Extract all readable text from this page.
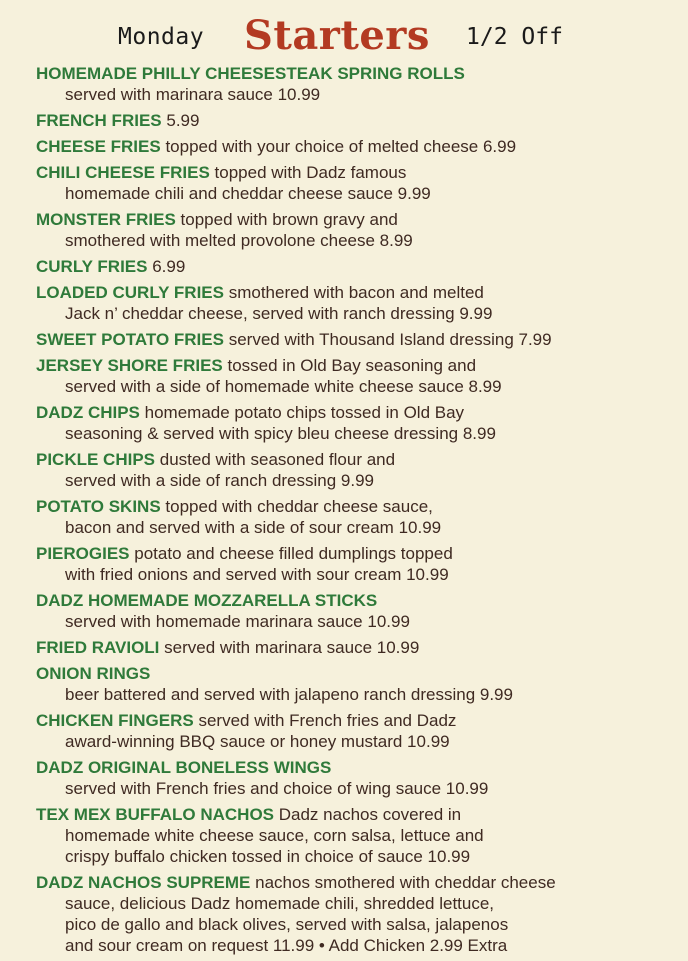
Monday Starters 1/2 Off
HOMEMADE PHILLY CHEESESTEAK SPRING ROLLS
served with marinara sauce 10.99
FRENCH FRIES 5.99
CHEESE FRIES topped with your choice of melted cheese 6.99
CHILI CHEESE FRIES topped with Dadz famous
homemade chili and cheddar cheese sauce 9.99
MONSTER FRIES topped with brown gravy and
smothered with melted provolone cheese 8.99
CURLY FRIES 6.99
LOADED CURLY FRIES smothered with bacon and melted
Jack n’ cheddar cheese, served with ranch dressing 9.99
SWEET POTATO FRIES served with Thousand Island dressing 7.99
JERSEY SHORE FRIES tossed in Old Bay seasoning and
served with a side of homemade white cheese sauce 8.99
DADZ CHIPS homemade potato chips tossed in Old Bay
seasoning & served with spicy bleu cheese dressing 8.99
PICKLE CHIPS dusted with seasoned flour and
served with a side of ranch dressing 9.99
POTATO SKINS topped with cheddar cheese sauce,
bacon and served with a side of sour cream 10.99
PIEROGIES potato and cheese filled dumplings topped
with fried onions and served with sour cream 10.99
DADZ HOMEMADE MOZZARELLA STICKS
served with homemade marinara sauce 10.99
FRIED RAVIOLI served with marinara sauce 10.99
ONION RINGS
beer battered and served with jalapeno ranch dressing 9.99
CHICKEN FINGERS served with French fries and Dadz
award-winning BBQ sauce or honey mustard 10.99
DADZ ORIGINAL BONELESS WINGS
served with French fries and choice of wing sauce 10.99
TEX MEX BUFFALO NACHOS Dadz nachos covered in
homemade white cheese sauce, corn salsa, lettuce and
crispy buffalo chicken tossed in choice of sauce 10.99
DADZ NACHOS SUPREME nachos smothered with cheddar cheese
sauce, delicious Dadz homemade chili, shredded lettuce,
pico de gallo and black olives, served with salsa, jalapenos
and sour cream on request 11.99 • Add Chicken 2.99 Extra
